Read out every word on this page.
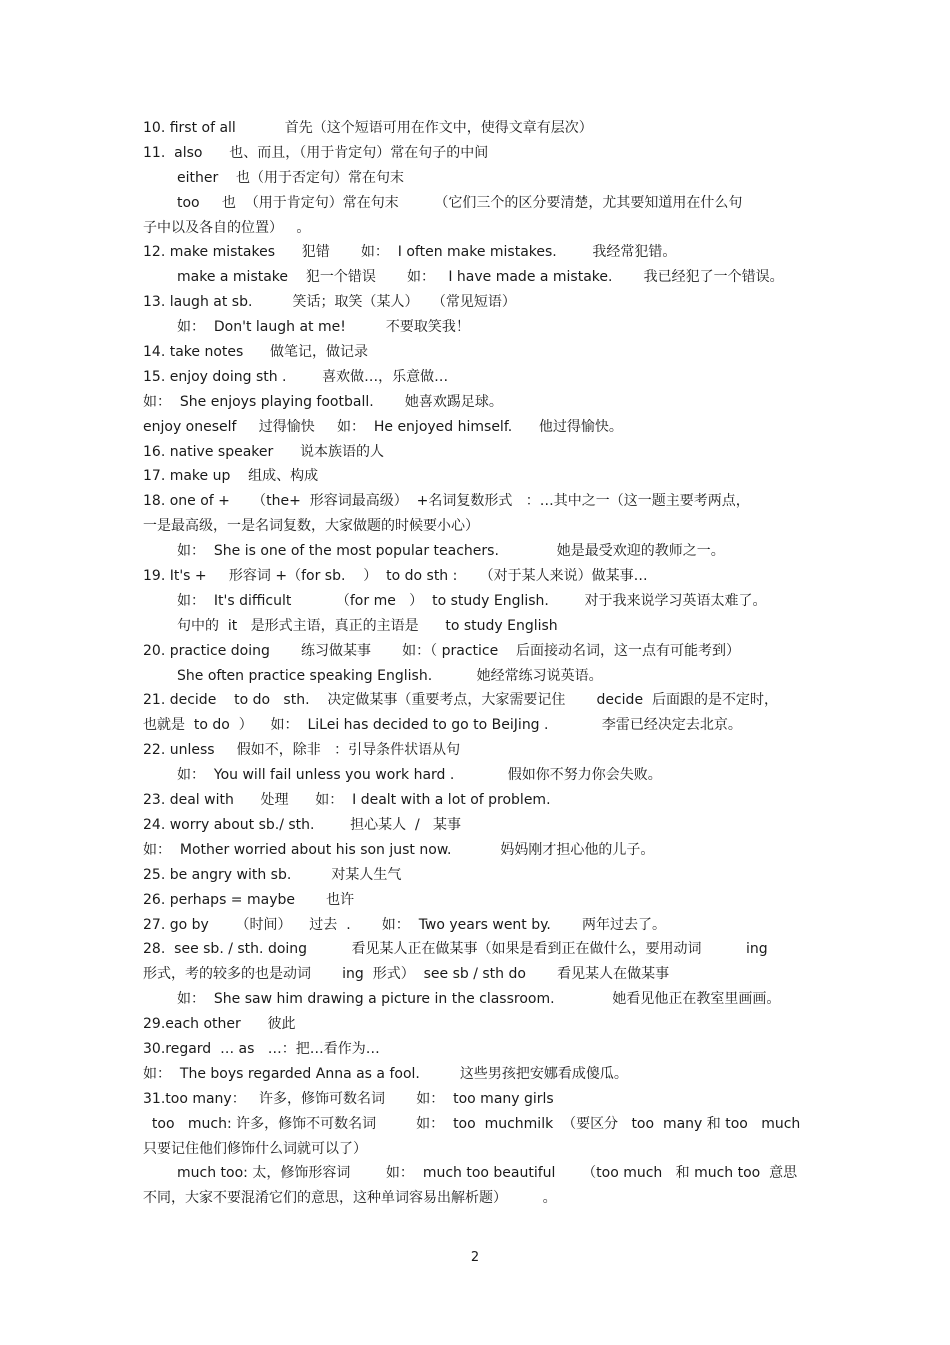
10. first of all           首先（这个短语可用在作文中，使得文章有层次）
11.  also      也、而且，（用于肯定句）常在句子的中间
either    也（用于否定句）常在句末
too     也  （用于肯定句）常在句末        （它们三个的区分要清楚，尤其要知道用在什么句
子中以及各自的位置）   。
12. make mistakes      犯错       如：  I often make mistakes.        我经常犯错。
make a mistake    犯一个错误       如：   I have made a mistake.       我已经犯了一个错误。
13. laugh at sb.         笑话；取笑（某人）   （常见短语）
如：  Don't laugh at me!         不要取笑我！
14. take notes      做笔记，做记录
15. enjoy doing sth .        喜欢做…，乐意做…
如：  She enjoys playing football.       她喜欢踢足球。
enjoy oneself     过得愉快     如：  He enjoyed himself.      他过得愉快。
16. native speaker      说本族语的人
17. make up    组成、构成
18. one of +     （the+  形容词最高级）  +名词复数形式   ：…其中之一（这一题主要考两点，
一是最高级，一是名词复数，大家做题的时候要小心）
如：  She is one of the most popular teachers.             她是最受欢迎的教师之一。
19. It's +     形容词 +（for sb.    ）  to do sth :     （对于某人来说）做某事…
如：  It's difficult          （for me   ）  to study English.        对于我来说学习英语太难了。
句中的  it   是形式主语，真正的主语是      to study English
20. practice doing       练习做某事       如：（ practice    后面接动名词，这一点有可能考到）
She often practice speaking English.          她经常练习说英语。
21. decide    to do   sth.    决定做某事（重要考点，大家需要记住       decide  后面跟的是不定时，
也就是  to do  ）    如：  LiLei has decided to go to BeiJing .            李雷已经决定去北京。
22. unless     假如不，除非   ：引导条件状语从句
如：  You will fail unless you work hard .            假如你不努力你会失败。
23. deal with      处理      如：  I dealt with a lot of problem.
24. worry about sb./ sth.        担心某人  /   某事
如：  Mother worried about his son just now.           妈妈刚才担心他的儿子。
25. be angry with sb.         对某人生气
26. perhaps = maybe       也许
27. go by      （时间）    过去  .       如：  Two years went by.       两年过去了。
28.  see sb. / sth. doing          看见某人正在做某事（如果是看到正在做什么，要用动词          ing
形式，考的较多的也是动词       ing  形式）  see sb / sth do       看见某人在做某事
如：  She saw him drawing a picture in the classroom.             她看见他正在教室里画画。
29.each other      彼此
30.regard  … as   …：把…看作为…
如：  The boys regarded Anna as a fool.         这些男孩把安娜看成傻瓜。
31.too many：   许多，修饰可数名词       如：  too many girls
too   much: 许多，修饰不可数名词         如：  too  muchmilk  （要区分   too  many 和 too   much
只要记住他们修饰什么词就可以了）
much too: 太，修饰形容词        如：  much too beautiful      （too much   和 much too  意思
不同，大家不要混淆它们的意思，这种单词容易出解析题）        。
2
